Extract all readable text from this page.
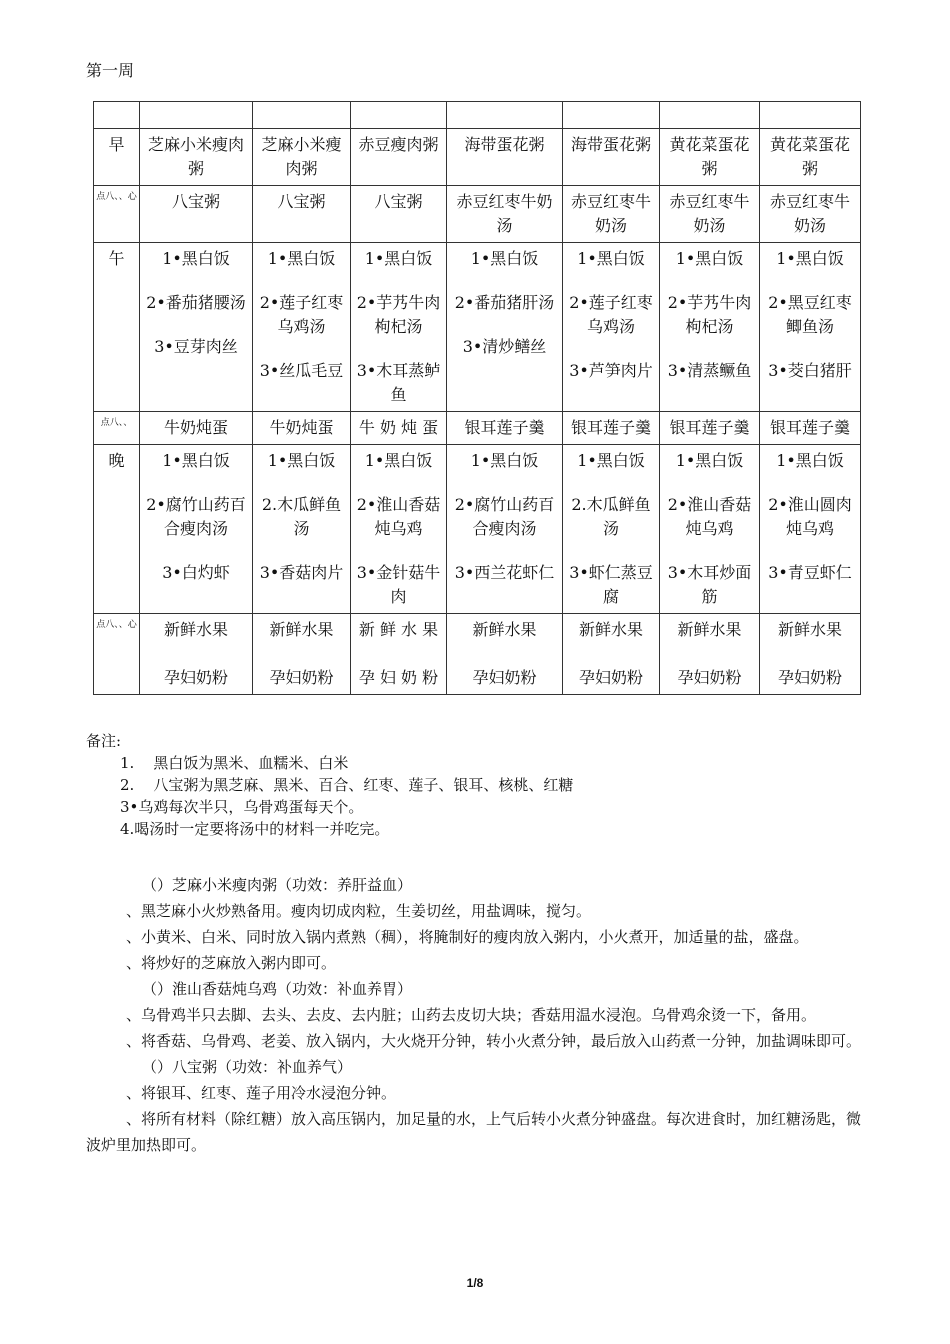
第一周

早	芝麻小米瘦肉粥	芝麻小米瘦肉粥	赤豆瘦肉粥	海带蛋花粥	海带蛋花粥	黄花菜蛋花粥	黄花菜蛋花粥

点八、、心	八宝粥	八宝粥	八宝粥	赤豆红枣牛奶汤	赤豆红枣牛奶汤	赤豆红枣牛奶汤	赤豆红枣牛奶汤

午	1•黑白饭
2•番茄猪腰汤
3•豆芽肉丝	1•黑白饭
2•莲子红枣乌鸡汤
3•丝瓜毛豆	1•黑白饭
2•芋艿牛肉枸杞汤
3•木耳蒸鲈鱼	1•黑白饭
2•番茄猪肝汤
3•清炒鳝丝	1•黑白饭
2•莲子红枣乌鸡汤
3•芦笋肉片	1•黑白饭
2•芋艿牛肉枸杞汤
3•清蒸鳜鱼	1•黑白饭
2•黑豆红枣鲫鱼汤
3•茭白猪肝

点八、、	牛奶炖蛋	牛奶炖蛋	牛 奶 炖 蛋	银耳莲子羹	银耳莲子羹	银耳莲子羹	银耳莲子羹

晚	1•黑白饭
2•腐竹山药百合瘦肉汤
3•白灼虾	1•黑白饭
2.木瓜鲜鱼汤
3•香菇肉片	1•黑白饭
2•淮山香菇炖乌鸡
3•金针菇牛肉	1•黑白饭
2•腐竹山药百合瘦肉汤
3•西兰花虾仁	1•黑白饭
2.木瓜鲜鱼汤
3•虾仁蒸豆腐	1•黑白饭
2•淮山香菇炖乌鸡
3•木耳炒面筋	1•黑白饭
2•淮山圆肉炖乌鸡
3•青豆虾仁

点八、、心	新鲜水果
孕妇奶粉	新鲜水果
孕妇奶粉	新 鲜 水 果
孕 妇 奶 粉	新鲜水果
孕妇奶粉	新鲜水果
孕妇奶粉	新鲜水果
孕妇奶粉	新鲜水果
孕妇奶粉
备注:
1.    黑白饭为黑米、血糯米、白米
2.    八宝粥为黑芝麻、黑米、百合、红枣、莲子、银耳、核桃、红糖
3•乌鸡每次半只，乌骨鸡蛋每天个。
4.喝汤时一定要将汤中的材料一并吃完。
（）芝麻小米瘦肉粥（功效：养肝益血）
、黑芝麻小火炒熟备用。瘦肉切成肉粒，生姜切丝，用盐调味，搅匀。
、小黄米、白米、同时放入锅内煮熟（稠），将腌制好的瘦肉放入粥内，小火煮开，加适量的盐，盛盘。
、将炒好的芝麻放入粥内即可。
（）淮山香菇炖乌鸡（功效：补血养胃）
、乌骨鸡半只去脚、去头、去皮、去内脏；山药去皮切大块；香菇用温水浸泡。乌骨鸡氽烫一下，备用。
、将香菇、乌骨鸡、老姜、放入锅内，大火烧开分钟，转小火煮分钟，最后放入山药煮一分钟，加盐调味即可。
（）八宝粥（功效：补血养气）
、将银耳、红枣、莲子用冷水浸泡分钟。
、将所有材料（除红糖）放入高压锅内，加足量的水，上气后转小火煮分钟盛盘。每次进食时，加红糖汤匙，微波炉里加热即可。
1/8
